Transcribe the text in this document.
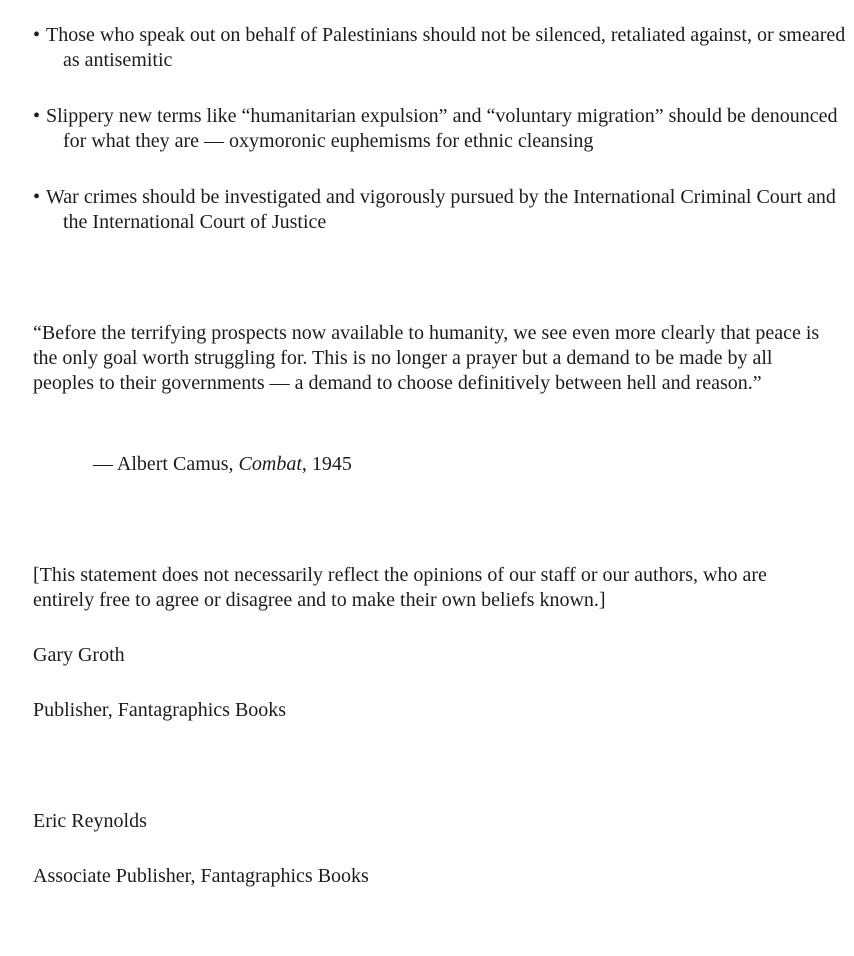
• Those who speak out on behalf of Palestinians should not be silenced, retaliated against, or smeared as antisemitic
• Slippery new terms like “humanitarian expulsion” and “voluntary migration” should be denounced for what they are — oxymoronic euphemisms for ethnic cleansing
• War crimes should be investigated and vigorously pursued by the International Criminal Court and the International Court of Justice
“Before the terrifying prospects now available to humanity, we see even more clearly that peace is the only goal worth struggling for. This is no longer a prayer but a demand to be made by all peoples to their governments — a demand to choose definitively between hell and reason.”
— Albert Camus, Combat, 1945
[This statement does not necessarily reflect the opinions of our staff or our authors, who are entirely free to agree or disagree and to make their own beliefs known.]
Gary Groth
Publisher, Fantagraphics Books
Eric Reynolds
Associate Publisher, Fantagraphics Books
